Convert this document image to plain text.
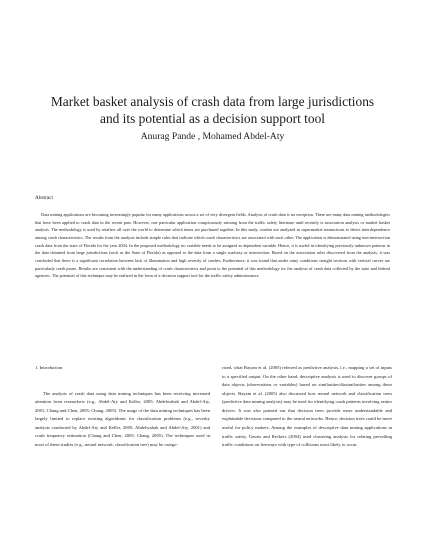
Market basket analysis of crash data from large jurisdictions
and its potential as a decision support tool
Anurag Pande , Mohamed Abdel-Aty
Abstract
Data mining applications are becoming increasingly popular for many applications across a set of very divergent fields. Analysis of crash data is no exception. There are many data mining methodologies that have been applied to crash data in the recent past. However, one particular application conspicuously missing from the traffic safety literature until recently is association analysis or market basket analysis. The methodology is used by retailers all over the world to determine which items are purchased together. In this study, crashes are analyzed as supermarket transactions to detect interdependence among crash characteristics. The results from the analysis include simple rules that indicate which crash characteristics are associated with each other. The application is demonstrated using non-intersection crash data from the state of Florida for the year 2004. In the proposed methodology no variable needs to be assigned as dependent variable. Hence, it is useful in identifying previously unknown patterns in the data obtained from large jurisdictions (such as the State of Florida) as opposed to the data from a single roadway or intersection. Based on the association rules discovered from the analysis, it was concluded that there is a significant correlation between lack of illumination and high severity of crashes. Furthermore, it was found that under rainy conditions straight sections with vertical curves are particularly crash prone. Results are consistent with the understanding of crash characteristics and point to the potential of this methodology for the analysis of crash data collected by the state and federal agencies. The potential of this technique may be realized in the form of a decision support tool for the traffic safety administrators.
1. Introduction
The analysis of crash data using data mining techniques has been receiving increased attention from researchers (e.g., Abdel-Aty and Keller, 2005; Abdelwahab and Abdel-Aty, 2001; Chang and Chen, 2005; Chang, 2005). The usage of the data mining techniques has been largely limited to replace existing algorithmic for classification problems (e.g., severity analysis conducted by Abdel-Aty and Keller, 2005; Abdelwahab and Abdel-Aty, 2001) and crash frequency estimation (Chang and Chen, 2005; Chang, 2005). The techniques used in most of these studies (e.g., neural network, classification tree) may be catego-
rized, what Bayam et al. (2005) referred as predictive analysis, i.e., mapping a set of inputs to a specified output. On the other hand, descriptive analysis is used to discover groups of data objects (observations or variables) based on similarities/dissimilarities among these objects. Bayam et al. (2005) also discussed how neural network and classification trees (predictive data mining analysis) may be used for identifying crash patterns involving senior drivers. It was also pointed out that decision trees provide more understandable and explainable decisions compared to the neural networks. Hence, decision trees could be more useful for policy makers. Among the examples of descriptive data mining applications in traffic safety, Geurts and Reckers (2004) used clustering analysis for relating prevailing traffic conditions on freeways with type of collisions most likely to occur.
